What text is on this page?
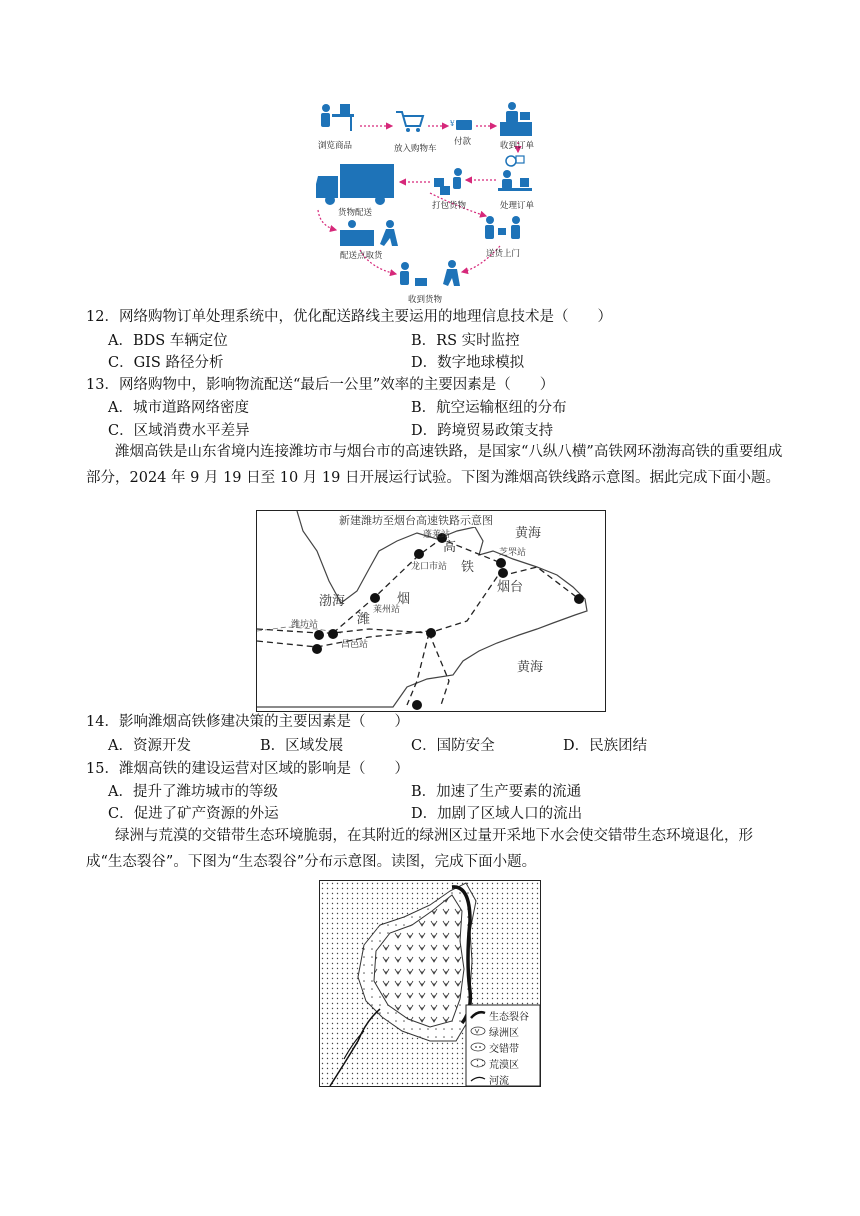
¥
浏览商品	放入购物车
付款	收到订单
处理订单
打包货物
货物配送
配送点取货	送货上门
收到货物
12．网络购物订单处理系统中，优化配送路线主要运用的地理信息技术是（　　）
A．BDS 车辆定位	B．RS 实时监控
C．GIS 路径分析	D．数字地球模拟
13．网络购物中，影响物流配送“最后一公里”效率的主要因素是（　　）
A．城市道路网络密度	B．航空运输枢纽的分布
C．区域消费水平差异	D．跨境贸易政策支持
潍烟高铁是山东省境内连接潍坊市与烟台市的高速铁路，是国家“八纵八横”高铁网环渤海高铁的重要组成部分，2024 年 9 月 19 日至 10 月 19 日开展运行试验。下图为潍烟高铁线路示意图。据此完成下面小题。
新建潍坊至烟台高速铁路示意图
渤海
黄海
黄海
烟台
蓬莱站
龙口市站
芝罘站
莱州站
潍坊站
昌邑站
高
铁
烟
潍
14．影响潍烟高铁修建决策的主要因素是（　　）
A．资源开发	B．区域发展	C．国防安全	D．民族团结
15．潍烟高铁的建设运营对区域的影响是（　　）
A．提升了潍坊城市的等级	B．加速了生产要素的流通
C．促进了矿产资源的外运	D．加剧了区域人口的流出
绿洲与荒漠的交错带生态环境脆弱，在其附近的绿洲区过量开采地下水会使交错带生态环境退化，形成“生态裂谷”。下图为“生态裂谷”分布示意图。读图，完成下面小题。
生态裂谷
绿洲区
交错带
荒漠区
河流
